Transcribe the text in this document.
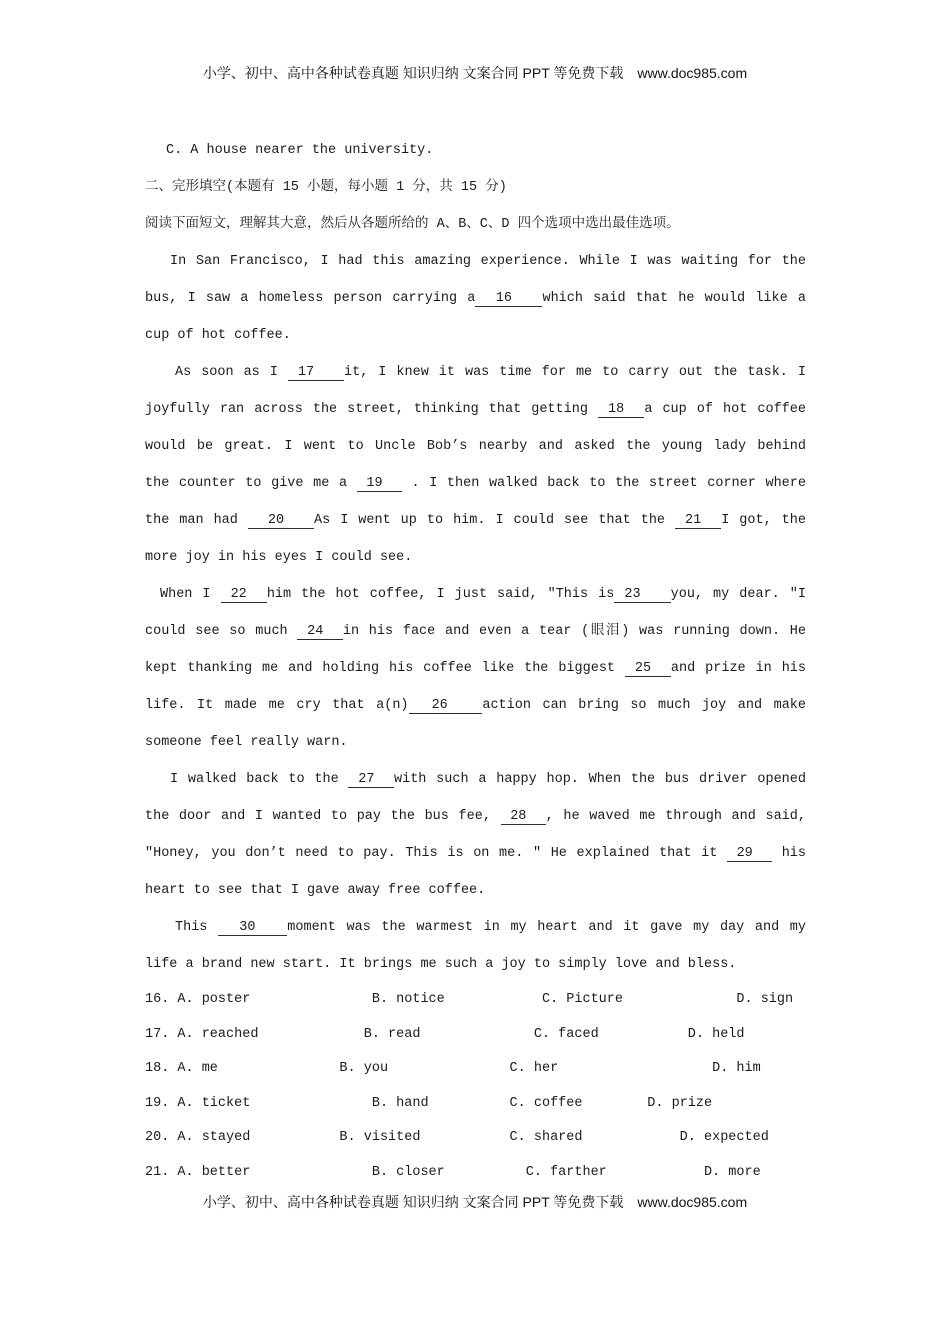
小学、初中、高中各种试卷真题 知识归纳 文案合同 PPT 等免费下载 www.doc985.com
C. A house nearer the university.
二、完形填空(本题有 15 小题，每小题 1 分，共 15 分)
阅读下面短文，理解其大意，然后从各题所给的 A、B、C、D 四个选项中选出最佳选项。
In San Francisco, I had this amazing experience. While I was waiting for the
bus, I saw a homeless person carrying a  16   which said that he would like a
cup of hot coffee.
As soon as I  17   it, I knew it was time for me to carry out the task. I
joyfully ran across the street, thinking that getting  18  a cup of hot coffee
would be great. I went to Uncle Bob’s nearby and asked the young lady behind
the counter to give me a  19   . I then walked back to the street corner where
the man had   20   As I went up to him. I could see that the  21  I got, the
more joy in his eyes I could see.
When I  22  him the hot coffee, I just said, "This is 23   you, my dear. "I
could see so much  24  in his face and even a tear (眼泪) was running down. He
kept thanking me and holding his coffee like the biggest  25  and prize in his
life. It made me cry that a(n)  26   action can bring so much joy and make
someone feel really warn.
I walked back to the  27  with such a happy hop. When the bus driver opened
the door and I wanted to pay the bus fee,  28  , he waved me through and said,
"Honey, you don’t need to pay. This is on me. " He explained that it  29   his
heart to see that I gave away free coffee.
This   30   moment was the warmest in my heart and it gave my day and my
life a brand new start. It brings me such a joy to simply love and bless.
16. A. poster               B. notice            C. Picture              D. sign
17. A. reached             B. read              C. faced           D. held
18. A. me               B. you               C. her                   D. him
19. A. ticket               B. hand          C. coffee        D. prize
20. A. stayed           B. visited           C. shared            D. expected
21. A. better               B. closer          C. farther            D. more
小学、初中、高中各种试卷真题 知识归纳 文案合同 PPT 等免费下载 www.doc985.com
